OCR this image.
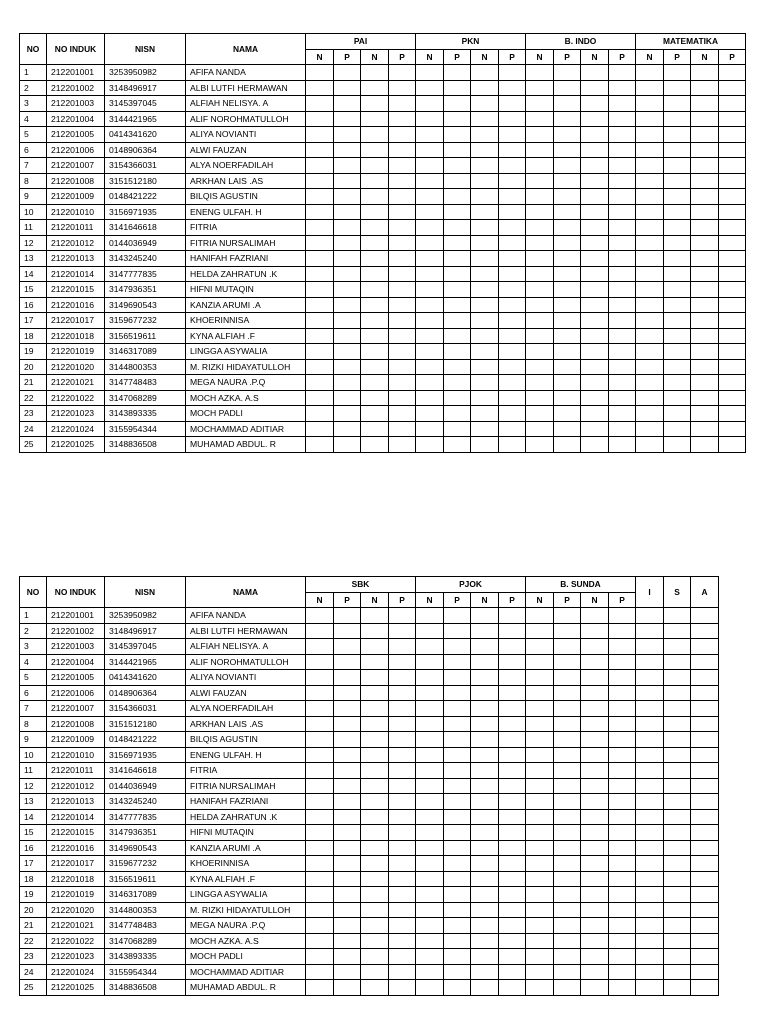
NO	NO INDUK	NISN	NAMA	PAI				PKN				B. INDO				MATEMATIKA			
				N	P	N	P	N	P	N	P	N	P	N	P	N	P	N	P
1	212201001	3253950982	AFIFA NANDA																
2	212201002	3148496917	ALBI LUTFI HERMAWAN																
3	212201003	3145397045	ALFIAH NELISYA. A																
4	212201004	3144421965	ALIF NOROHMATULLOH																
5	212201005	0414341620	ALIYA NOVIANTI																
6	212201006	0148906364	ALWI FAUZAN																
7	212201007	3154366031	ALYA NOERFADILAH																
8	212201008	3151512180	ARKHAN LAIS .AS																
9	212201009	0148421222	BILQIS AGUSTIN																
10	212201010	3156971935	ENENG ULFAH. H																
11	212201011	3141646618	FITRIA																
12	212201012	0144036949	FITRIA NURSALIMAH																
13	212201013	3143245240	HANIFAH FAZRIANI																
14	212201014	3147777835	HELDA ZAHRATUN .K																
15	212201015	3147936351	HIFNI MUTAQIN																
16	212201016	3149690543	KANZIA ARUMI .A																
17	212201017	3159677232	KHOERINNISA																
18	212201018	3156519611	KYNA ALFIAH .F																
19	212201019	3146317089	LINGGA ASYWALIA																
20	212201020	3144800353	M. RIZKI HIDAYATULLOH																
21	212201021	3147748483	MEGA NAURA .P.Q																
22	212201022	3147068289	MOCH AZKA. A.S																
23	212201023	3143893335	MOCH PADLI																
24	212201024	3155954344	MOCHAMMAD ADITIAR																
25	212201025	3148836508	MUHAMAD ABDUL. R																
NO	NO INDUK	NISN	NAMA	SBK				PJOK				B. SUNDA				I	S	A
				N	P	N	P	N	P	N	P	N	P	N	P			
1	212201001	3253950982	AFIFA NANDA															
2	212201002	3148496917	ALBI LUTFI HERMAWAN															
3	212201003	3145397045	ALFIAH NELISYA. A															
4	212201004	3144421965	ALIF NOROHMATULLOH															
5	212201005	0414341620	ALIYA NOVIANTI															
6	212201006	0148906364	ALWI FAUZAN															
7	212201007	3154366031	ALYA NOERFADILAH															
8	212201008	3151512180	ARKHAN LAIS .AS															
9	212201009	0148421222	BILQIS AGUSTIN															
10	212201010	3156971935	ENENG ULFAH. H															
11	212201011	3141646618	FITRIA															
12	212201012	0144036949	FITRIA NURSALIMAH															
13	212201013	3143245240	HANIFAH FAZRIANI															
14	212201014	3147777835	HELDA ZAHRATUN .K															
15	212201015	3147936351	HIFNI MUTAQIN															
16	212201016	3149690543	KANZIA ARUMI .A															
17	212201017	3159677232	KHOERINNISA															
18	212201018	3156519611	KYNA ALFIAH .F															
19	212201019	3146317089	LINGGA ASYWALIA															
20	212201020	3144800353	M. RIZKI HIDAYATULLOH															
21	212201021	3147748483	MEGA NAURA .P.Q															
22	212201022	3147068289	MOCH AZKA. A.S															
23	212201023	3143893335	MOCH PADLI															
24	212201024	3155954344	MOCHAMMAD ADITIAR															
25	212201025	3148836508	MUHAMAD ABDUL. R															
